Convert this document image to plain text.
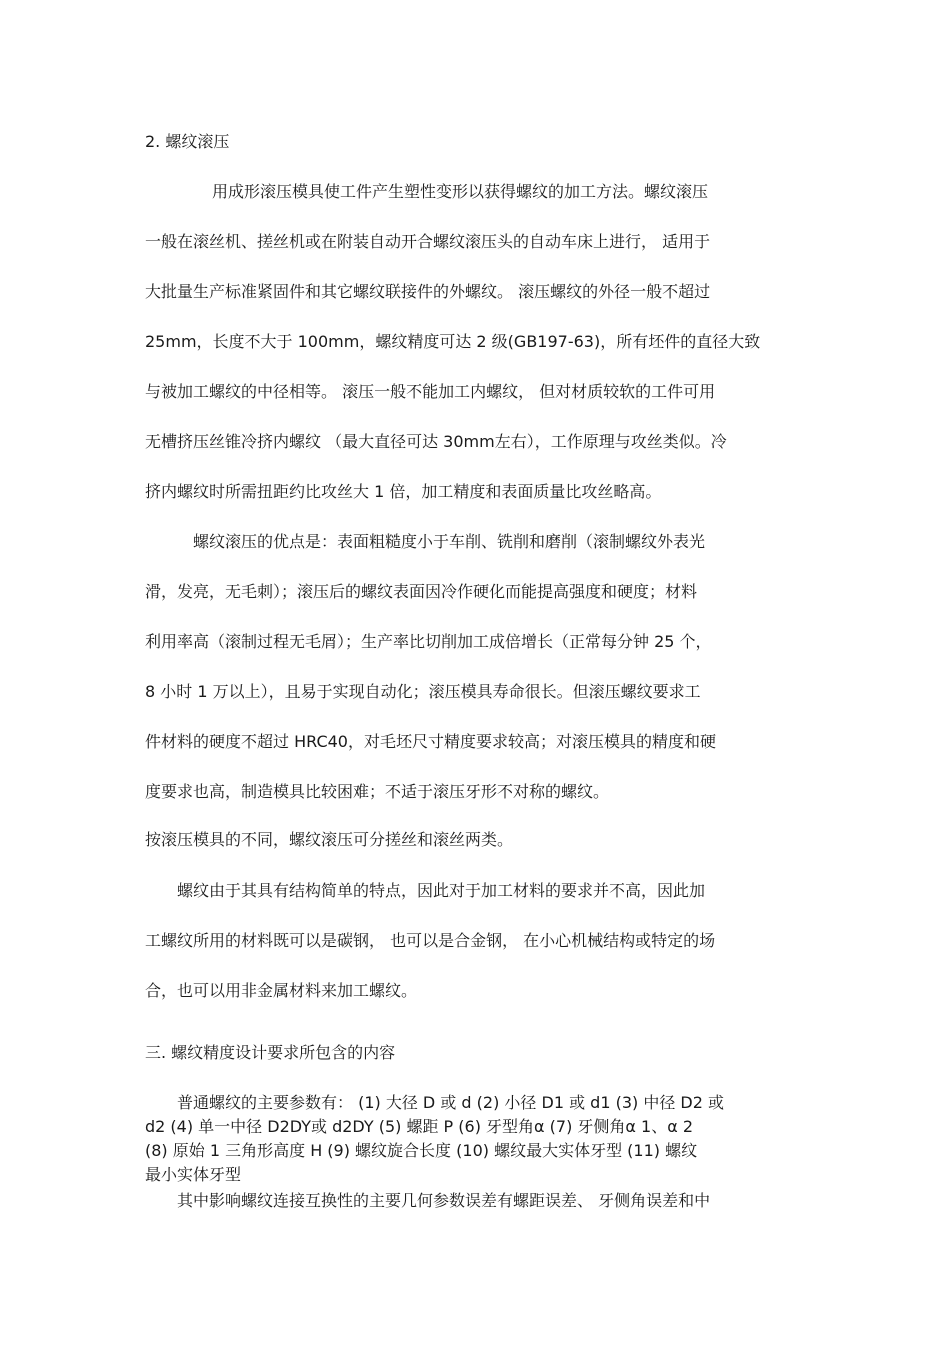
2. 螺纹滚压
用成形滚压模具使工件产生塑性变形以获得螺纹的加工方法。螺纹滚压
一般在滚丝机、搓丝机或在附装自动开合螺纹滚压头的自动车床上进行， 适用于
大批量生产标准紧固件和其它螺纹联接件的外螺纹。 滚压螺纹的外径一般不超过
25mm，长度不大于 100mm，螺纹精度可达 2 级(GB197-63)，所有坯件的直径大致
与被加工螺纹的中径相等。 滚压一般不能加工内螺纹， 但对材质较软的工件可用
无槽挤压丝锥冷挤内螺纹 （最大直径可达 30mm左右），工作原理与攻丝类似。冷
挤内螺纹时所需扭距约比攻丝大 1 倍，加工精度和表面质量比攻丝略高。
螺纹滚压的优点是：表面粗糙度小于车削、铣削和磨削（滚制螺纹外表光
滑，发亮，无毛刺）；滚压后的螺纹表面因冷作硬化而能提高强度和硬度；材料
利用率高（滚制过程无毛屑）；生产率比切削加工成倍增长（正常每分钟 25 个，
8 小时 1 万以上），且易于实现自动化；滚压模具寿命很长。但滚压螺纹要求工
件材料的硬度不超过 HRC40，对毛坯尺寸精度要求较高；对滚压模具的精度和硬
度要求也高，制造模具比较困难；不适于滚压牙形不对称的螺纹。
按滚压模具的不同，螺纹滚压可分搓丝和滚丝两类。
螺纹由于其具有结构简单的特点，因此对于加工材料的要求并不高，因此加
工螺纹所用的材料既可以是碳钢， 也可以是合金钢， 在小心机械结构或特定的场
合，也可以用非金属材料来加工螺纹。
三. 螺纹精度设计要求所包含的内容
普通螺纹的主要参数有： (1) 大径 D 或 d (2) 小径 D1 或 d1 (3) 中径 D2 或
d2 (4) 单一中径 D2DY或 d2DY (5) 螺距 P (6) 牙型角α (7) 牙侧角α 1、α 2
(8) 原始 1 三角形高度 H (9) 螺纹旋合长度 (10) 螺纹最大实体牙型 (11) 螺纹
最小实体牙型
其中影响螺纹连接互换性的主要几何参数误差有螺距误差、 牙侧角误差和中
